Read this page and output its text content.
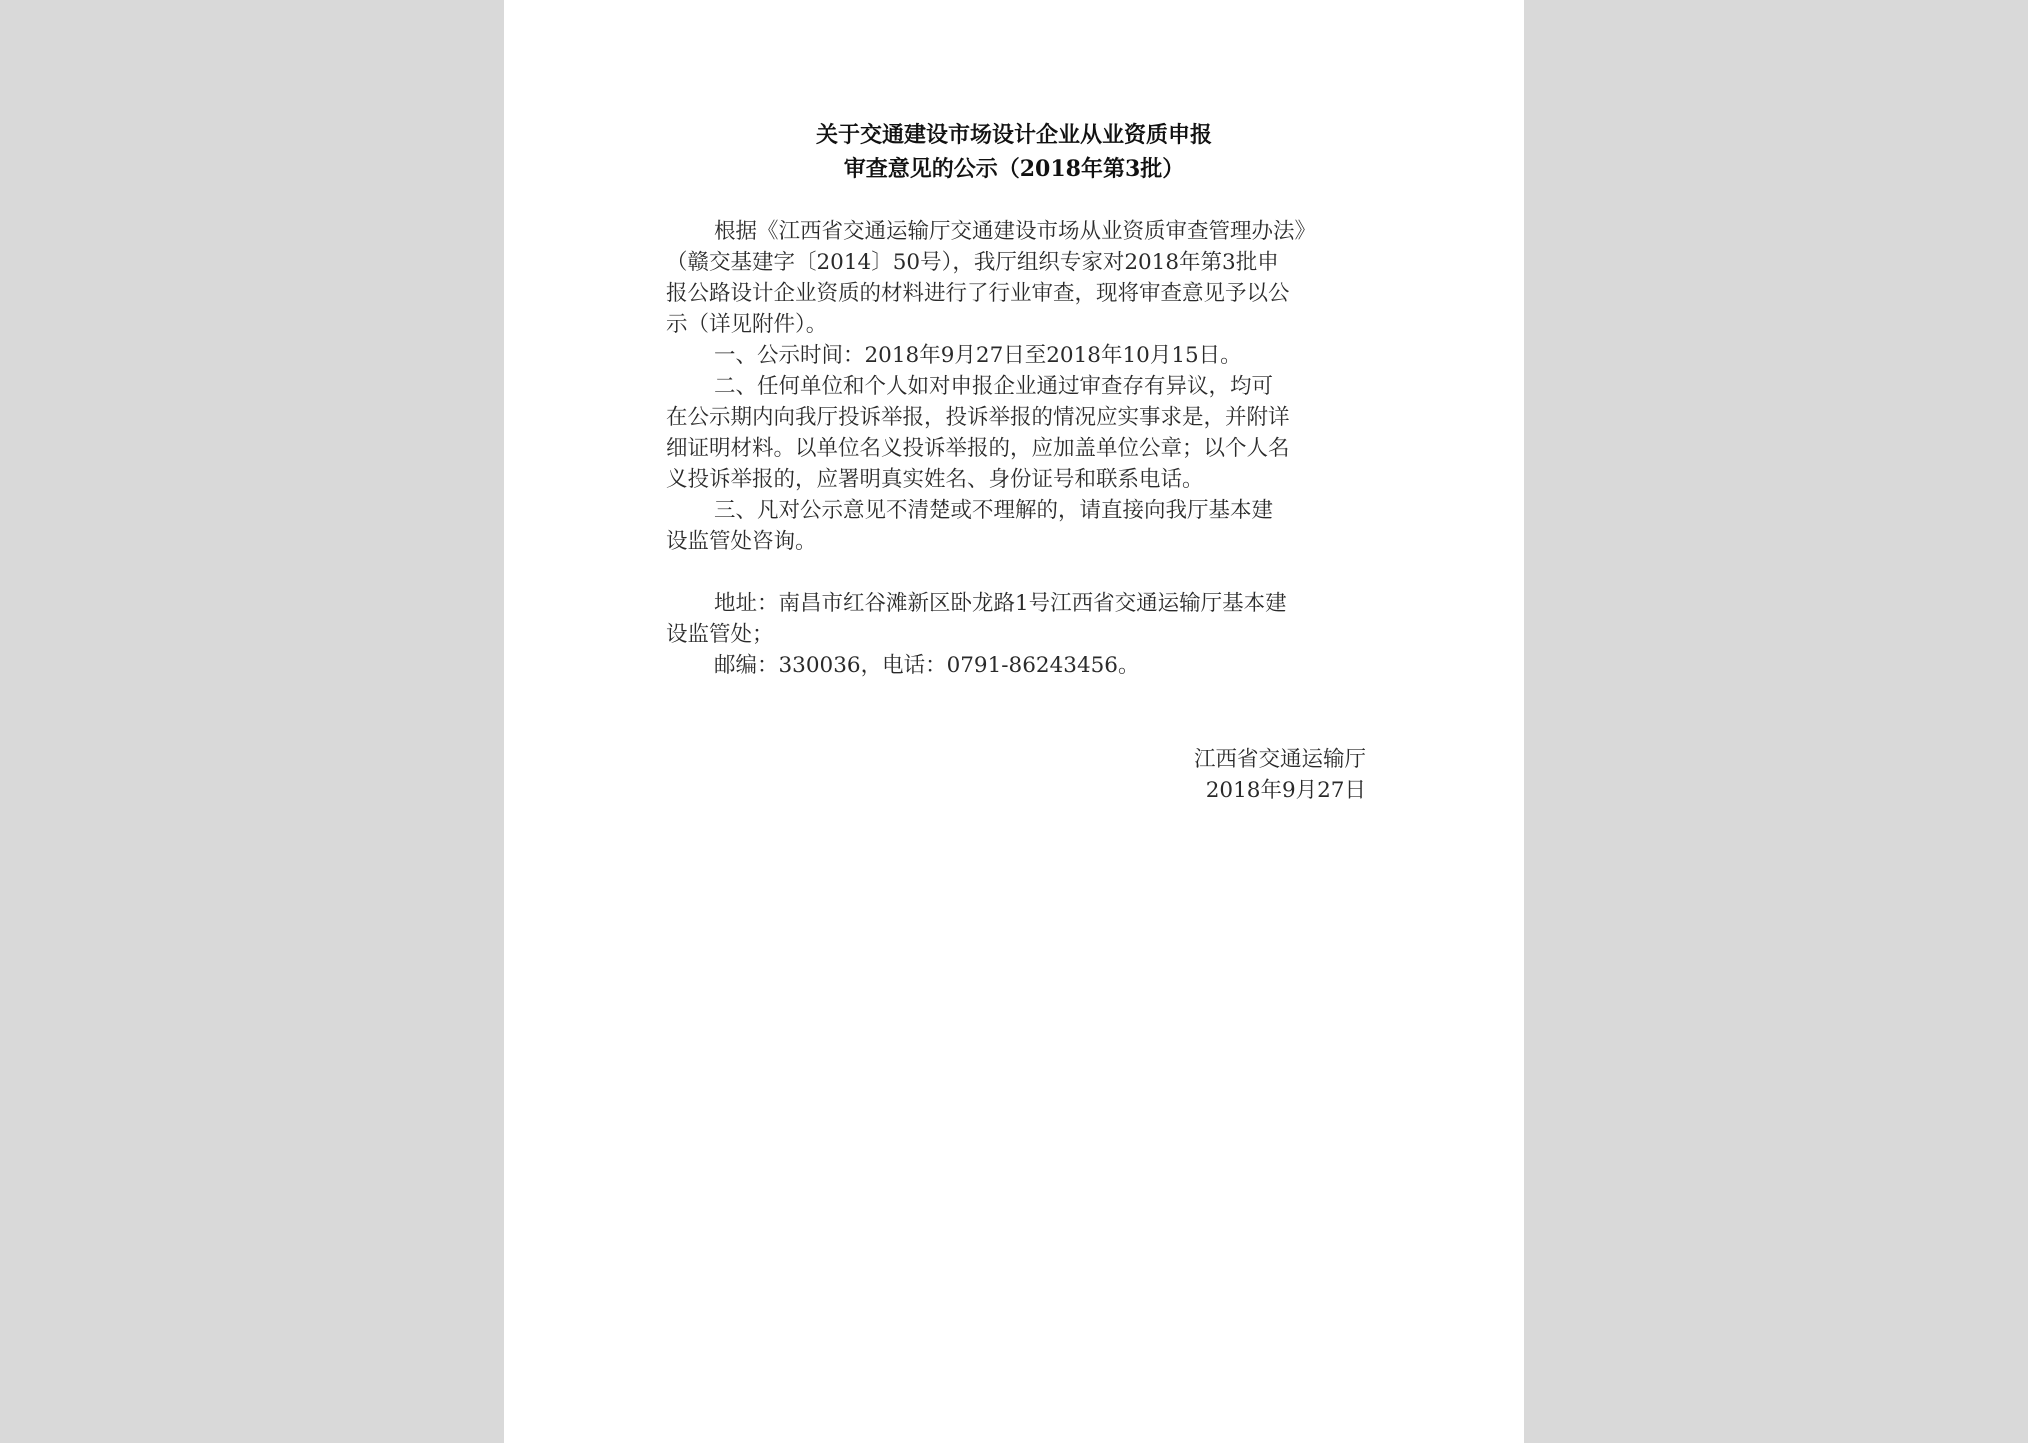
关于交通建设市场设计企业从业资质申报
审查意见的公示（2018年第3批）
根据《江西省交通运输厅交通建设市场从业资质审查管理办法》
（赣交基建字〔2014〕50号），我厅组织专家对2018年第3批申
报公路设计企业资质的材料进行了行业审查，现将审查意见予以公
示（详见附件）。
一、公示时间：2018年9月27日至2018年10月15日。
二、任何单位和个人如对申报企业通过审查存有异议，均可
在公示期内向我厅投诉举报，投诉举报的情况应实事求是，并附详
细证明材料。以单位名义投诉举报的，应加盖单位公章；以个人名
义投诉举报的，应署明真实姓名、身份证号和联系电话。
三、凡对公示意见不清楚或不理解的，请直接向我厅基本建
设监管处咨询。
地址：南昌市红谷滩新区卧龙路1号江西省交通运输厅基本建
设监管处；
邮编：330036，电话：0791-86243456。
江西省交通运输厅
2018年9月27日
